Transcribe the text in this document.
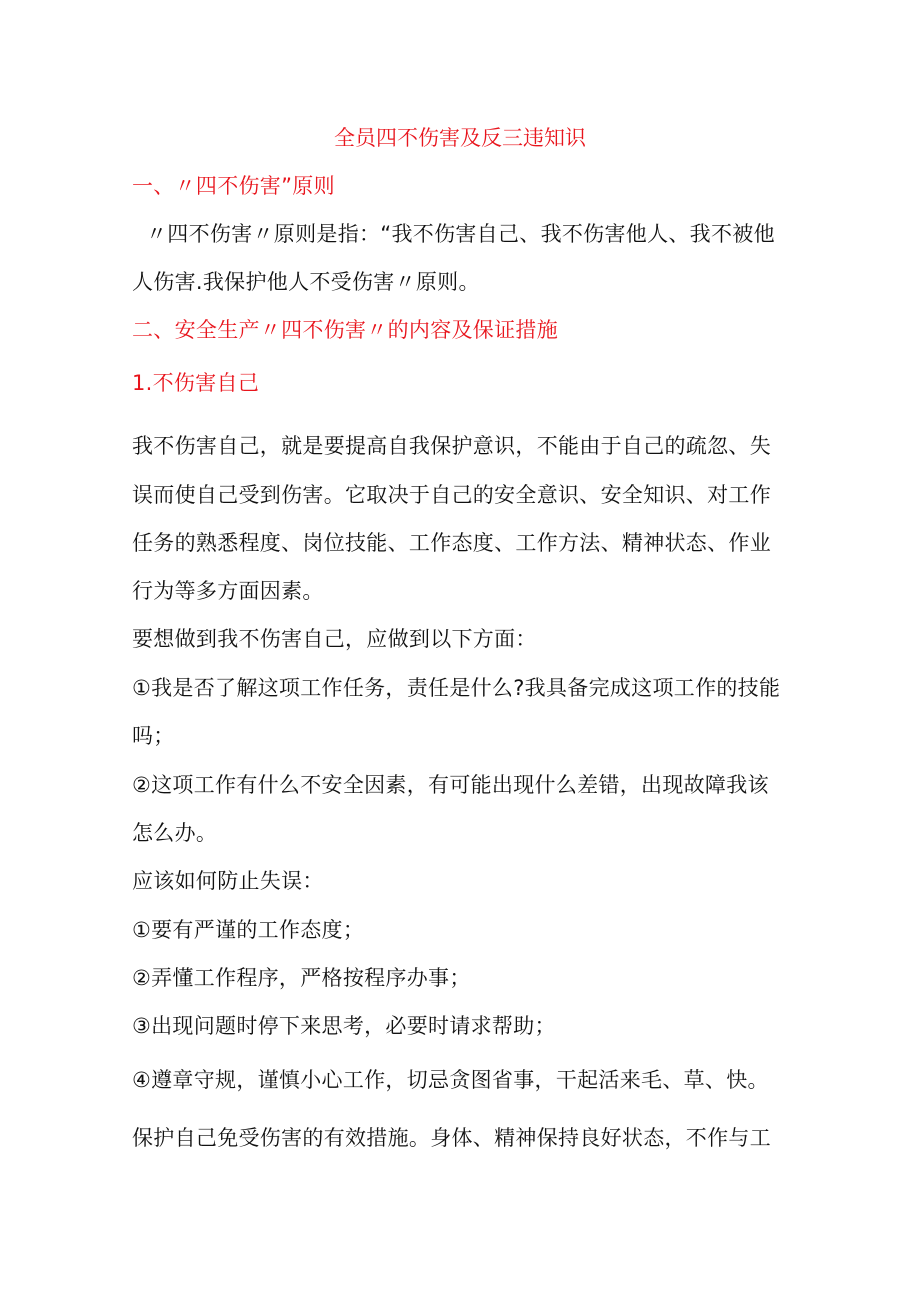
全员四不伤害及反三违知识
一、〃四不伤害”原则
〃四不伤害〃原则是指：“我不伤害自己、我不伤害他人、我不被他
人伤害.我保护他人不受伤害〃原则。
二、安全生产〃四不伤害〃的内容及保证措施
1.不伤害自己
我不伤害自己，就是要提高自我保护意识，不能由于自己的疏忽、失
误而使自己受到伤害。它取决于自己的安全意识、安全知识、对工作
任务的熟悉程度、岗位技能、工作态度、工作方法、精神状态、作业
行为等多方面因素。
要想做到我不伤害自己，应做到以下方面：
①我是否了解这项工作任务，责任是什么?我具备完成这项工作的技能
吗；
②这项工作有什么不安全因素，有可能出现什么差错，出现故障我该
怎么办。
应该如何防止失误：
①要有严谨的工作态度；
②弄懂工作程序，严格按程序办事；
③出现问题时停下来思考，必要时请求帮助；
④遵章守规，谨慎小心工作，切忌贪图省事，干起活来毛、草、快。
保护自己免受伤害的有效措施。身体、精神保持良好状态，不作与工
